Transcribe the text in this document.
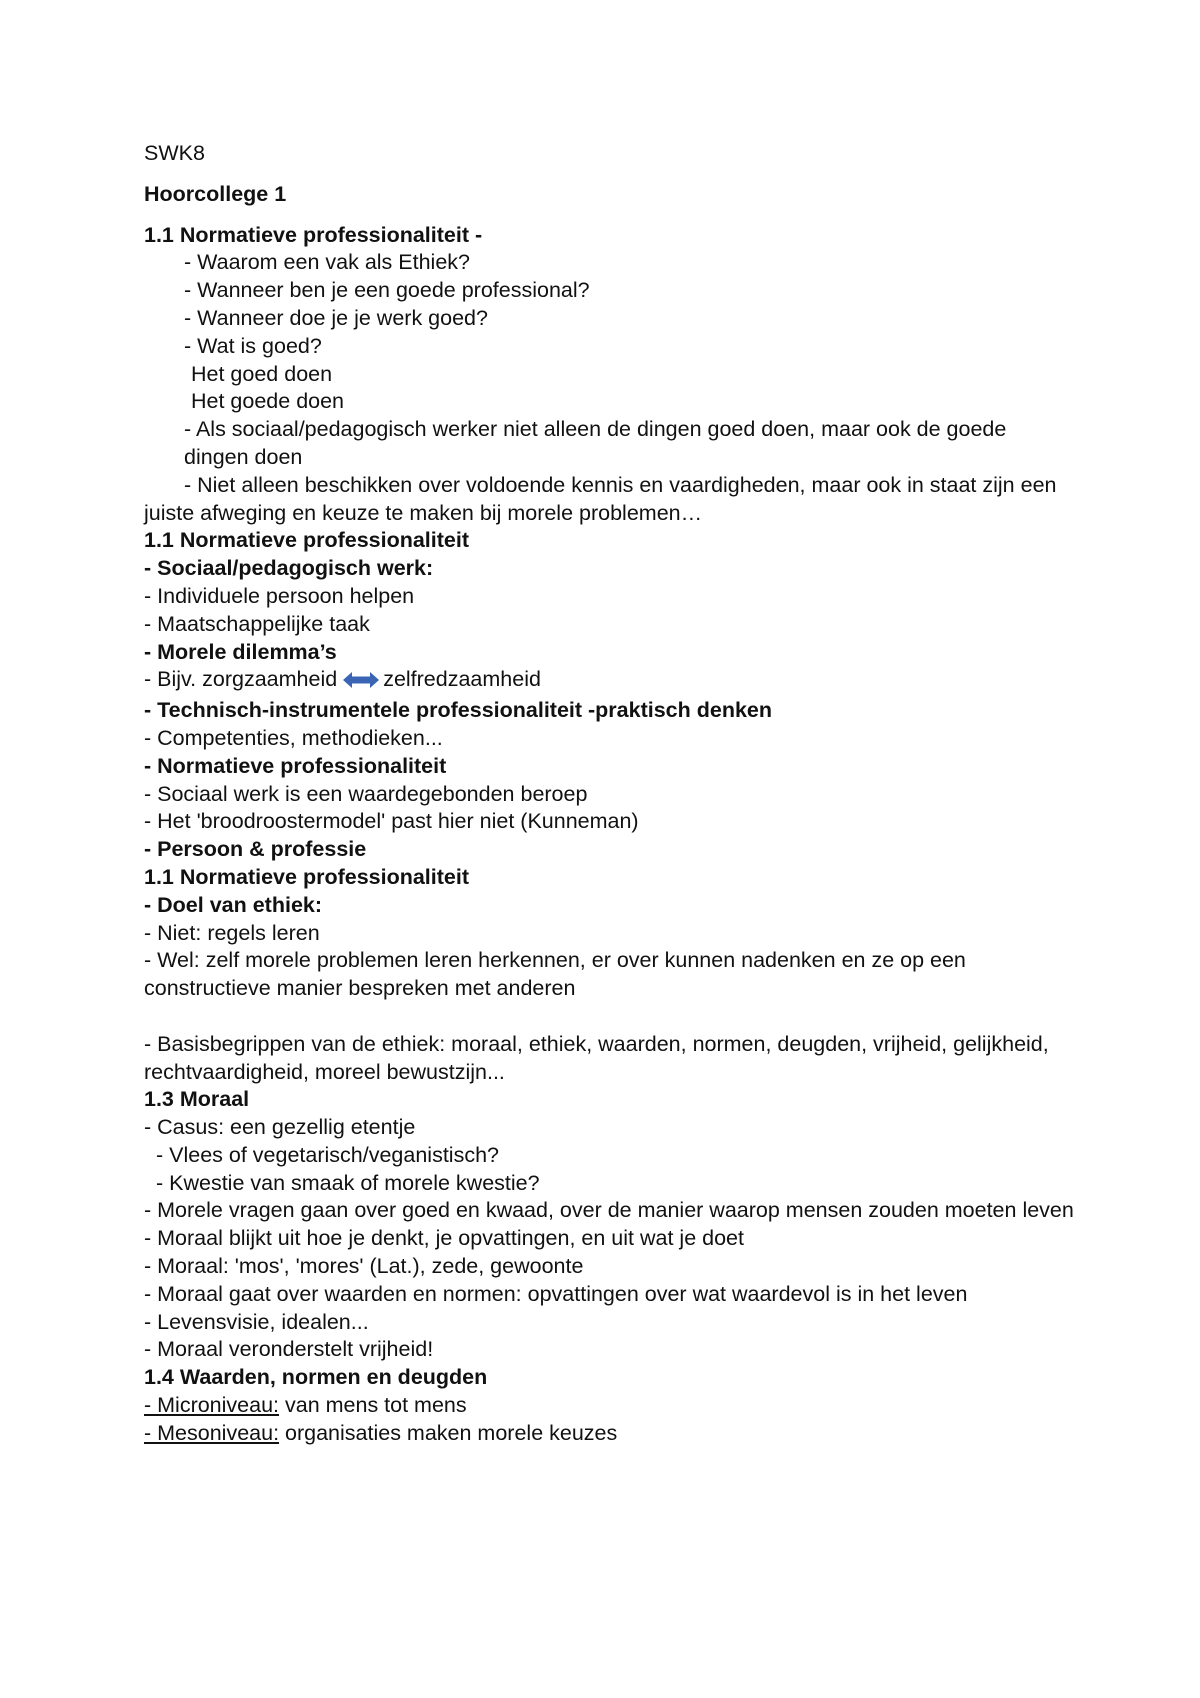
SWK8
Hoorcollege 1
1.1 Normatieve professionaliteit -
- Waarom een vak als Ethiek?
- Wanneer ben je een goede professional?
- Wanneer doe je je werk goed?
- Wat is goed?
Het goed doen
Het goede doen
- Als sociaal/pedagogisch werker niet alleen de dingen goed doen, maar ook de goede dingen doen
- Niet alleen beschikken over voldoende kennis en vaardigheden, maar ook in staat zijn een juiste afweging en keuze te maken bij morele problemen…
1.1 Normatieve professionaliteit
- Sociaal/pedagogisch werk:
- Individuele persoon helpen
- Maatschappelijke taak
- Morele dilemma’s
- Bijv. zorgzaamheid zelfredzaamheid
- Technisch-instrumentele professionaliteit -praktisch denken
- Competenties, methodieken...
- Normatieve professionaliteit
- Sociaal werk is een waardegebonden beroep
- Het 'broodroostermodel' past hier niet (Kunneman)
- Persoon & professie
1.1 Normatieve professionaliteit
- Doel van ethiek:
- Niet: regels leren
- Wel: zelf morele problemen leren herkennen, er over kunnen nadenken en ze op een constructieve manier bespreken met anderen
- Basisbegrippen van de ethiek: moraal, ethiek, waarden, normen, deugden, vrijheid, gelijkheid, rechtvaardigheid, moreel bewustzijn...
1.3 Moraal
- Casus: een gezellig etentje
- Vlees of vegetarisch/veganistisch?
- Kwestie van smaak of morele kwestie?
- Morele vragen gaan over goed en kwaad, over de manier waarop mensen zouden moeten leven
- Moraal blijkt uit hoe je denkt, je opvattingen, en uit wat je doet
- Moraal: 'mos', 'mores' (Lat.), zede, gewoonte
- Moraal gaat over waarden en normen: opvattingen over wat waardevol is in het leven
- Levensvisie, idealen...
- Moraal veronderstelt vrijheid!
1.4 Waarden, normen en deugden
- Microniveau: van mens tot mens
- Mesoniveau: organisaties maken morele keuzes
